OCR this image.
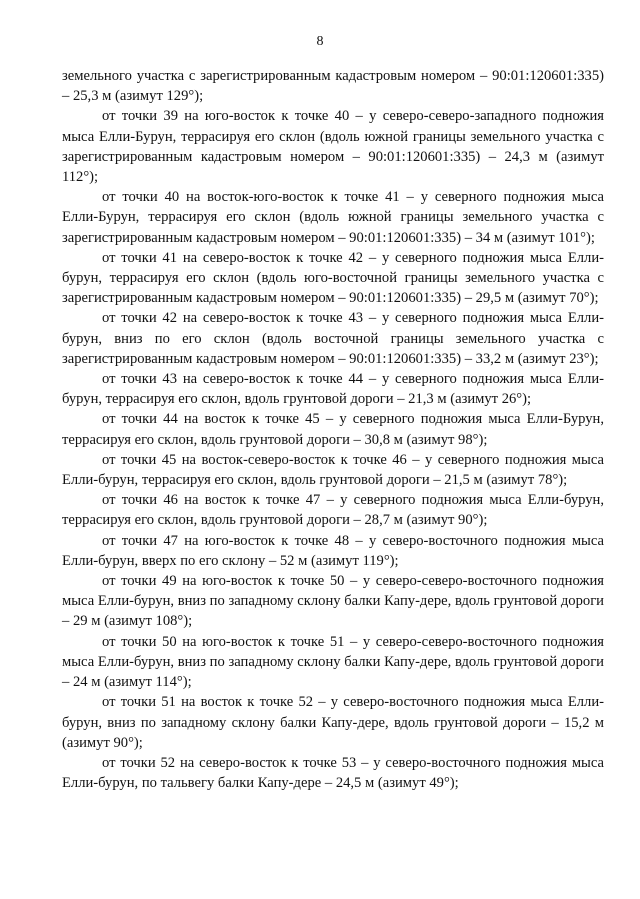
8

земельного участка с зарегистрированным кадастровым номером – 90:01:120601:335) – 25,3 м (азимут 129°);

от точки 39 на юго-восток к точке 40 – у северо-северо-западного подножия мыса Елли-Бурун, террасируя его склон (вдоль южной границы земельного участка с зарегистрированным кадастровым номером – 90:01:120601:335) – 24,3 м (азимут 112°);

от точки 40 на восток-юго-восток к точке 41 – у северного подножия мыса Елли-Бурун, террасируя его склон (вдоль южной границы земельного участка с зарегистрированным кадастровым номером – 90:01:120601:335) – 34 м (азимут 101°);

от точки 41 на северо-восток к точке 42 – у северного подножия мыса Елли-бурун, террасируя его склон (вдоль юго-восточной границы земельного участка с зарегистрированным кадастровым номером – 90:01:120601:335) – 29,5 м (азимут 70°);

от точки 42 на северо-восток к точке 43 – у северного подножия мыса Елли-бурун, вниз по его склон (вдоль восточной границы земельного участка с зарегистрированным кадастровым номером – 90:01:120601:335) – 33,2 м (азимут 23°);

от точки 43 на северо-восток к точке 44 – у северного подножия мыса Елли-бурун, террасируя его склон, вдоль грунтовой дороги – 21,3 м (азимут 26°);

от точки 44 на восток к точке 45 – у северного подножия мыса Елли-Бурун, террасируя его склон, вдоль грунтовой дороги – 30,8 м (азимут 98°);

от точки 45 на восток-северо-восток к точке 46 – у северного подножия мыса Елли-бурун, террасируя его склон, вдоль грунтовой дороги – 21,5 м (азимут 78°);

от точки 46 на восток к точке 47 – у северного подножия мыса Елли-бурун, террасируя его склон, вдоль грунтовой дороги – 28,7 м (азимут 90°);

от точки 47 на юго-восток к точке 48 – у северо-восточного подножия мыса Елли-бурун, вверх по его склону – 52 м (азимут 119°);

от точки 49 на юго-восток к точке 50 – у северо-северо-восточного подножия мыса Елли-бурун, вниз по западному склону балки Капу-дере, вдоль грунтовой дороги – 29 м (азимут 108°);

от точки 50 на юго-восток к точке 51 – у северо-северо-восточного подножия мыса Елли-бурун, вниз по западному склону балки Капу-дере, вдоль грунтовой дороги – 24 м (азимут 114°);

от точки 51 на восток к точке 52 – у северо-восточного подножия мыса Елли-бурун, вниз по западному склону балки Капу-дере, вдоль грунтовой дороги – 15,2 м (азимут 90°);

от точки 52 на северо-восток к точке 53 – у северо-восточного подножия мыса Елли-бурун, по тальвегу балки Капу-дере – 24,5 м (азимут 49°);
